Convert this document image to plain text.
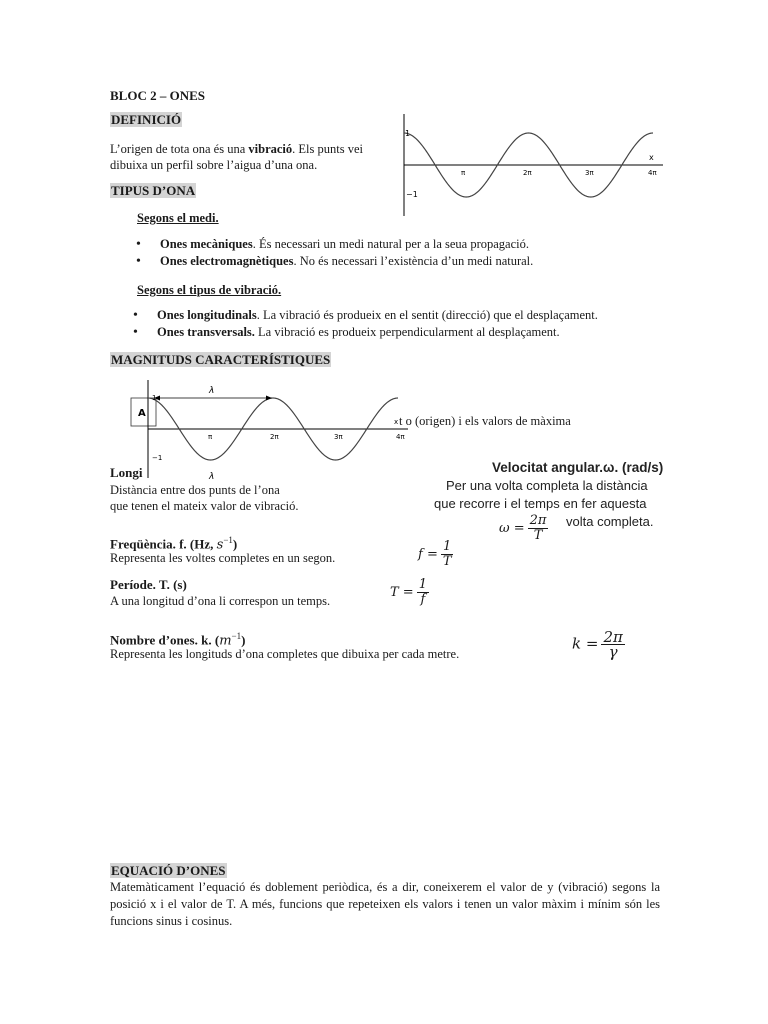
BLOC 2 – ONES
DEFINICIÓ
L’origen de tota ona és una vibració. Els punts vei
dibuixa un perfil sobre l’aigua d’una ona.
1
−1
x
π	2π	3π	4π
TIPUS D’ONA
Segons el medi.
• Ones mecàniques. És necessari un medi natural per a la seua propagació.
• Ones electromagnètiques. No és necessari l’existència d’un medi natural.
Segons el tipus de vibració.
• Ones longitudinals. La vibració és produeix en el sentit (direcció) que el desplaçament.
• Ones transversals. La vibració es produeix perpendicularment al desplaçament.
MAGNITUDS CARACTERÍSTIQUES
A
λ
λ
1
−1
x
π	2π	3π	4π
t o (origen) i els valors de màxima
Longi
Distància entre dos punts de l’ona
que tenen el mateix valor de vibració.
Velocitat angular.ω. (rad/s)
Per una volta completa la distància
que recorre i el temps en fer aquesta
$\omega = \frac{2\pi}{T}$ volta completa.
Freqüència. f. (Hz, $s^{-1}$)
Representa les voltes completes en un segon.	$f = \frac{1}{T}$
Període. T. (s)
A una longitud d’ona li correspon un temps.
$T = \frac{1}{f}$
Nombre d’ones. k. $(m^{-1})$
Representa les longituds d’ona completes que dibuixa per cada metre.
$k = \frac{2\pi}{\gamma}$
EQUACIÓ D’ONES
Matemàticament l’equació és doblement periòdica, és a dir, coneixerem el valor de y (vibració) segons la posició x i el valor de T. A més, funcions que repeteixen els valors i tenen un valor màxim i mínim són les funcions sinus i cosinus.
